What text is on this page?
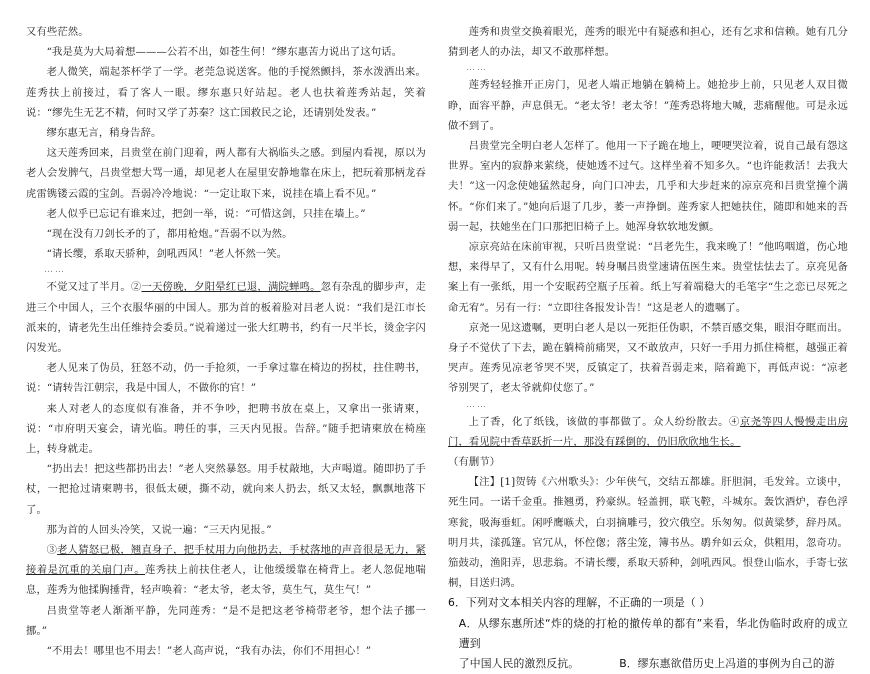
又有些茫然。

“我是莫为大局着想———公若不出，如苍生何！”缪东惠苦力说出了这句话。

老人微笑，端起茶杯学了一学。老莞急说送客。他的手搅然颤抖，茶水泼洒出来。莲秀扶上前接过，看了客人一眼。缪东惠只好站起。老人也扶着莲秀站起，笑着说：“缪先生无艺不精，何时又学了苏秦？这亡国救民之论，还请别处发表。”

缪东惠无言，稍身告辞。

这天莲秀回来，吕贵堂在前门迎着，两人都有大祸临头之感。到屋内看视，原以为老人会发脾气，吕贵堂想大骂一通，却见老人在屋里安静地靠在床上，把玩着那柄龙吞虎雷镌镂云霞的宝剑。吾弱冷冷地说：“一定让取下来，说挂在墙上看不见。”

老人似乎已忘记有谁来过，把剑一举，说：“可惜这剑，只挂在墙上。”

“现在没有刀剑长矛的了，都用枪炮。”吾弱不以为然。

“请长缨，系取天骄种，剑吼西风！”老人怀然一笑。

……

不觉又过了半月。②一天傍晚，夕阳晕红已退，满院蝉鸣。忽有杂乱的脚步声，走进三个中国人，三个衣服华丽的中国人。那为首的板着脸对吕老人说：“我们是江市长派来的，请老先生出任维持会委员。”说着递过一张大红聘书，约有一尺半长，烫金字闪闪发光。

老人见来了伪员，狂怒不动，仍一手抢须，一手拿过靠在椅边的拐杖，拄住聘书，说：“请转告江朝宗，我是中国人，不做你的官！”

来人对老人的态度似有准备，并不争吵，把聘书放在桌上，又拿出一张请柬，说：“市府明天宴会，请光临。聘任的事，三天内见报。告辞。”随手把请柬放在椅座上，转身就走。

“扔出去！把这些都扔出去！”老人突然暴怒。用手杖敲地，大声喝道。随即扔了手杖，一把抢过请柬聘书，很低太硬，撕不动，就向来人扔去，纸又太轻，飘飘地落下了。

那为首的人回头冷笑，又说一遍：“三天内见报。”

③老人猜怒已极，翘直身子，把手杖用力向他扔去，手杖落地的声音很是无力，紧接着是沉重的关扇门声。莲秀扶上前扶住老人，让他缓缓靠在椅背上。老人忽促地喘息，莲秀为他揉胸捶背，轻声唤着：“老太爷，老太爷，莫生气，莫生气！”

吕贵堂等老人渐渐平静，先同莲秀：“是不是把这老爷椅带老爷，想个法子挪一挪。”

“不用去！哪里也不用去！”老人高声说，“我有办法，你们不用担心！”

莲秀和贵堂交换着眼光，莲秀的眼光中有疑惑和担心，还有乞求和信赖。她有几分猜到老人的办法，却又不敢那样想。

……

莲秀轻轻推开正房门，见老人端正地躺在躺椅上。她抢步上前，只见老人双目微睁，面容平静，声息俱无。“老太爷！老太爷！”莲秀恐将地大喊，悲痛醒他。可是永远做不到了。

吕贵堂完全明白老人怎样了。他用一下子跪在地上，哽哽哭泣着，说自己最有怨这世界。室内的寂静来萦绕，使她透不过气。这样坐着不知多久。“也许能救活！去我大夫！”这一闪念使她猛然起身，向门口冲去，几乎和大步赶来的凉京亮和吕贵堂撞个满怀。“你们来了。”她向后退了几步，萎一声挣倒。莲秀家人把她扶住，随即和她来的吾弱一起，扶她坐在门口那把旧椅子上。她浑身软软地发颤。

凉京亮站在床前审视，只听吕贵堂说：“吕老先生，我来晚了！”他呜咽道，伤心地想，来得早了，又有什么用呢。转身嘱吕贵堂速请伍医生来。贵堂怯怯去了。京亮见备案上有一张纸，用一个安眠药空瓶子压着。纸上写着端稳大的毛笔字“生之恋已尽死之命无宥”。另有一行：“立即往各报发讣告！”这是老人的遗嘱了。

京尧一见这遗嘱，更明白老人是以一死拒任伪职，不禁百感交集，眼泪夺眶而出。身子不觉伏了下去，跪在躺椅前痛哭，又不敢放声，只好一手用力抓住椅框，越强正着哭声。莲秀见凉老爷哭不哭，反镇定了，扶着吾弱走来，陪着跪下，再低声说：“凉老爷别哭了，老太爷就仰仗您了。”

……

上了香，化了纸钱，该做的事都做了。众人纷纷散去。④京尧等四人慢慢走出房门，看见院中香草跃折一片，那没有踩倒的，仍旧欣欣地生长。

（有删节）

【注】[1]贺铸《六州歌头》：少年侠气，交结五都雄。肝胆洞，毛发耸。立谈中，死生同。一诺千金重。推翘勇，矜豪纵。轻盖拥，联飞鞚，斗城东。轰饮酒炉，春色浮寒瓮，吸海垂虹。闲呼鹰嗾犬，白羽摘雕弓，狡穴俄空。乐匆匆。似黄粱梦，辞丹凤。明月共，漾孤篷。官冗从，怀倥偬；落尘笼，簿书丛。鹖弁如云众，供粗用，忽奇功。笳鼓动，渔阳弄，思悲翁。不请长缨，系取天骄种，剑吼西风。恨登山临水，手寄七弦桐，目送归鸿。

6．下列对文本相关内容的理解，不正确的一项是（ ）

A．从缪东惠所述“炸的烧的打枪的撤传单的都有”来看，华北伪临时政府的成立遭到

了中国人民的激烈反抗。	B．缪东惠欲借历史上冯道的事例为自己的游
